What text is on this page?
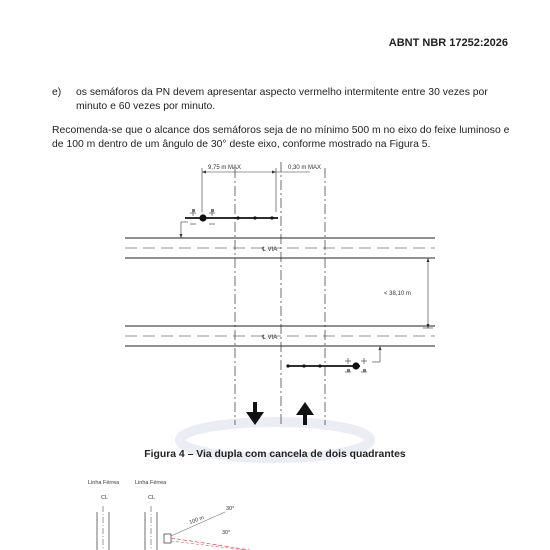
ABNT NBR 17252:2026
e) os semáforos da PN devem apresentar aspecto vermelho intermitente entre 30 vezes por minuto e 60 vezes por minuto.
Recomenda-se que o alcance dos semáforos seja de no mínimo 500 m no eixo do feixe luminoso e de 100 m dentro de um ângulo de 30° deste eixo, conforme mostrado na Figura 5.
9,75 m MAX	0,30 m MAX
℄ VIA
< 38,10 m
℄ VIA
Linha Férrea	Linha Férrea
CL	CL
100 m
30°
30°
Figura 4 – Via dupla com cancela de dois quadrantes
